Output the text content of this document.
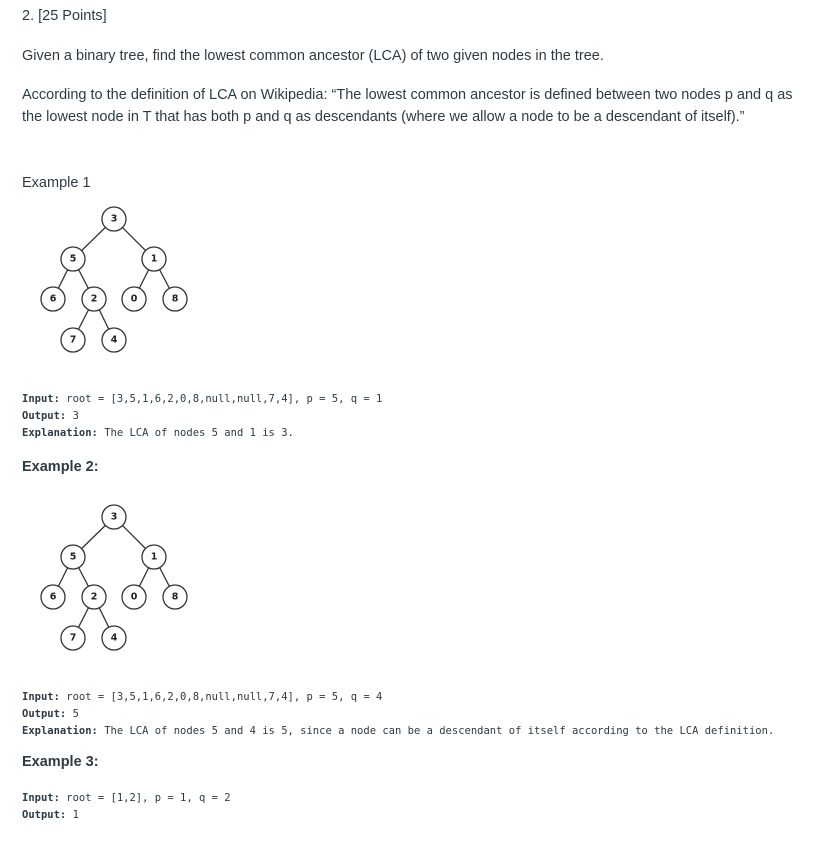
2. [25 Points]
Given a binary tree, find the lowest common ancestor (LCA) of two given nodes in the tree.
According to the definition of LCA on Wikipedia: “The lowest common ancestor is defined between two nodes p and q as the lowest node in T that has both p and q as descendants (where we allow a node to be a descendant of itself).”
Example 1
3
5	1
6	2	0	8
7	4
Input: root = [3,5,1,6,2,0,8,null,null,7,4], p = 5, q = 1
Output: 3
Explanation: The LCA of nodes 5 and 1 is 3.
Example 2:
3
5	1
6	2	0	8
7	4
Input: root = [3,5,1,6,2,0,8,null,null,7,4], p = 5, q = 4
Output: 5
Explanation: The LCA of nodes 5 and 4 is 5, since a node can be a descendant of itself according to the LCA definition.
Example 3:
Input: root = [1,2], p = 1, q = 2
Output: 1
